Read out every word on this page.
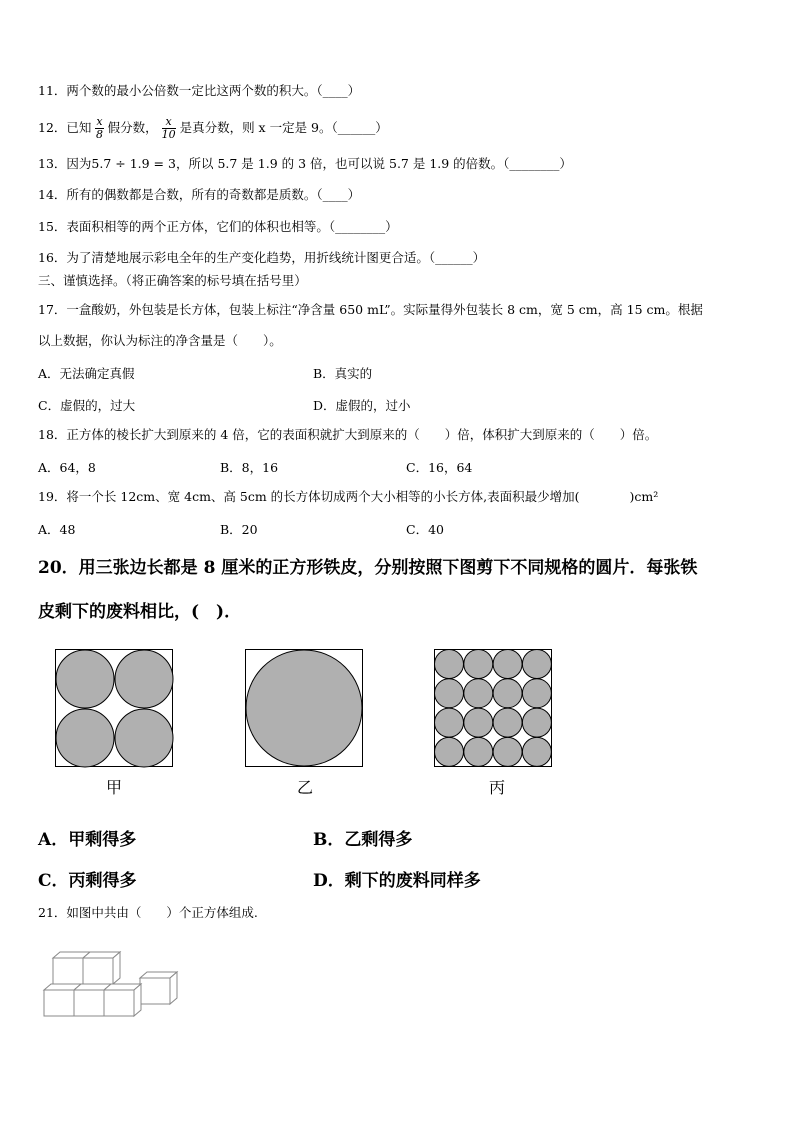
11．两个数的最小公倍数一定比这两个数的积大。（____）
12．已知 $\frac{x}{8}$ 假分数， $\frac{x}{10}$ 是真分数，则 x 一定是 9。（______）
13．因为5.7 ÷ 1.9 = 3，所以 5.7 是 1.9 的 3 倍，也可以说 5.7 是 1.9 的倍数。（________）
14．所有的偶数都是合数，所有的奇数都是质数。（____）
15．表面积相等的两个正方体，它们的体积也相等。（________）
16．为了清楚地展示彩电全年的生产变化趋势，用折线统计图更合适。（______）
三、谨慎选择。（将正确答案的标号填在括号里）
17．一盒酸奶，外包装是长方体，包装上标注“净含量 650 mL”。实际量得外包装长 8 cm，宽 5 cm，高 15 cm。根据
以上数据，你认为标注的净含量是（　　）。
A．无法确定真假	B．真实的
C．虚假的，过大	D．虚假的，过小
18．正方体的棱长扩大到原来的 4 倍，它的表面积就扩大到原来的（　　）倍，体积扩大到原来的（　　）倍。
A．64，8	B．8，16	C．16，64
19．将一个长 12cm、宽 4cm、高 5cm 的长方体切成两个大小相等的小长方体,表面积最少增加(　　　　)cm²
A．48	B．20	C．40
20．用三张边长都是 8 厘米的正方形铁皮，分别按照下图剪下不同规格的圆片．每张铁
皮剩下的废料相比，(　)．
甲	乙	丙
A．甲剩得多	B．乙剩得多
C．丙剩得多	D．剩下的废料同样多
21．如图中共由（　　）个正方体组成.
